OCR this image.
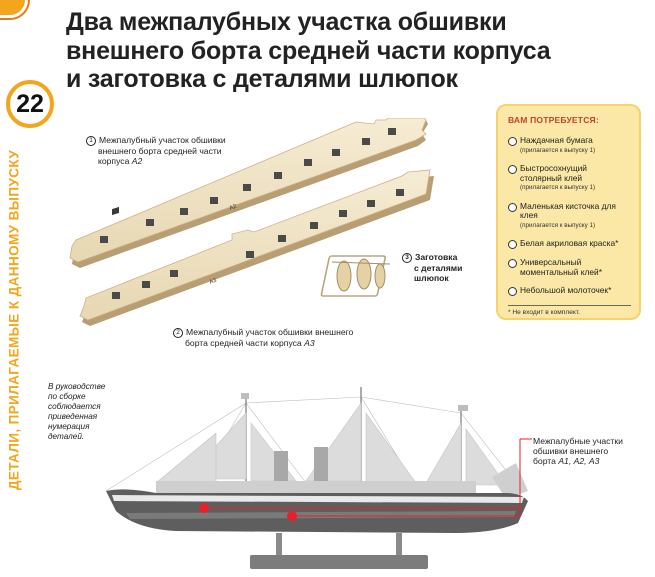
Два межпалубных участка обшивки
внешнего борта средней части корпуса
и заготовка с деталями шлюпок
22
ДЕТАЛИ, ПРИЛАГАЕМЫЕ К ДАННОМУ ВЫПУСКУ	А2
А3
1 Межпалубный участок обшивки
внешнего борта средней части
корпуса А2
2 Межпалубный участок обшивки внешнего
борта средней части корпуса А3
3 Заготовка
с деталями
шлюпок
ВАМ ПОТРЕБУЕТСЯ:
Наждачная бумага
(прилагается к выпуску 1)
Быстросохнущий столярный клей
(прилагается к выпуску 1)
Маленькая кисточка для клея
(прилагается к выпуску 1)
Белая акриловая краска*
Универсальный моментальный клей*
Небольшой молоточек*
* Не входит в комплект.
В руководстве
по сборке
соблюдается
приведенная
нумерация
деталей.	Межпалубные участки
обшивки внешнего
борта А1, А2, А3
